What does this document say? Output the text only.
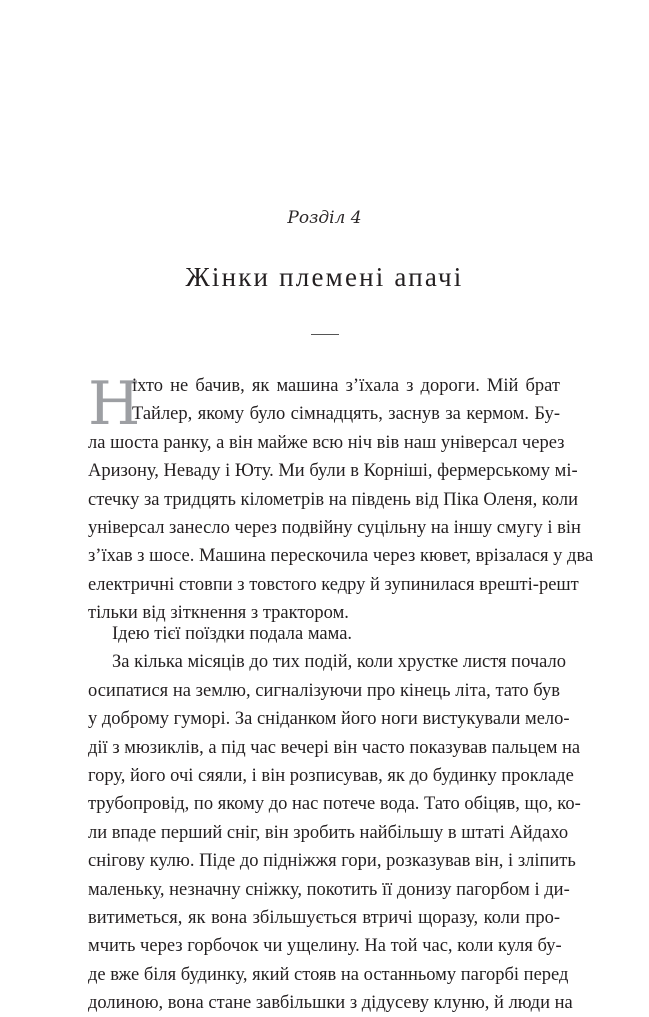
Розділ 4
Жінки племені апачі
Н
іхто не бачив, як машина з’їхала з дороги. Мій брат
Тайлер, якому було сімнадцять, заснув за кермом. Бу-
ла шоста ранку, а він майже всю ніч вів наш універсал через
Аризону, Неваду і Юту. Ми були в Корніші, фермерському мі-
стечку за тридцять кілометрів на південь від Піка Оленя, коли
універсал занесло через подвійну суцільну на іншу смугу і він
з’їхав з шосе. Машина перескочила через кювет, врізалася у два
електричні стовпи з товстого кедру й зупинилася врешті-решт
тільки від зіткнення з трактором.
Ідею тієї поїздки подала мама.
За кілька місяців до тих подій, коли хрустке листя почало
осипатися на землю, сигналізуючи про кінець літа, тато був
у доброму гуморі. За сніданком його ноги вистукували мело-
дії з мюзиклів, а під час вечері він часто показував пальцем на
гору, його очі сяяли, і він розписував, як до будинку прокладе
трубопровід, по якому до нас потече вода. Тато обіцяв, що, ко-
ли впаде перший сніг, він зробить найбільшу в штаті Айдахо
снігову кулю. Піде до підніжжя гори, розказував він, і зліпить
маленьку, незначну сніжку, покотить її донизу пагорбом і ди-
витиметься, як вона збільшується втричі щоразу, коли про-
мчить через горбочок чи ущелину. На той час, коли куля бу-
де вже біля будинку, який стояв на останньому пагорбі перед
долиною, вона стане завбільшки з дідусеву клуню, й люди на
